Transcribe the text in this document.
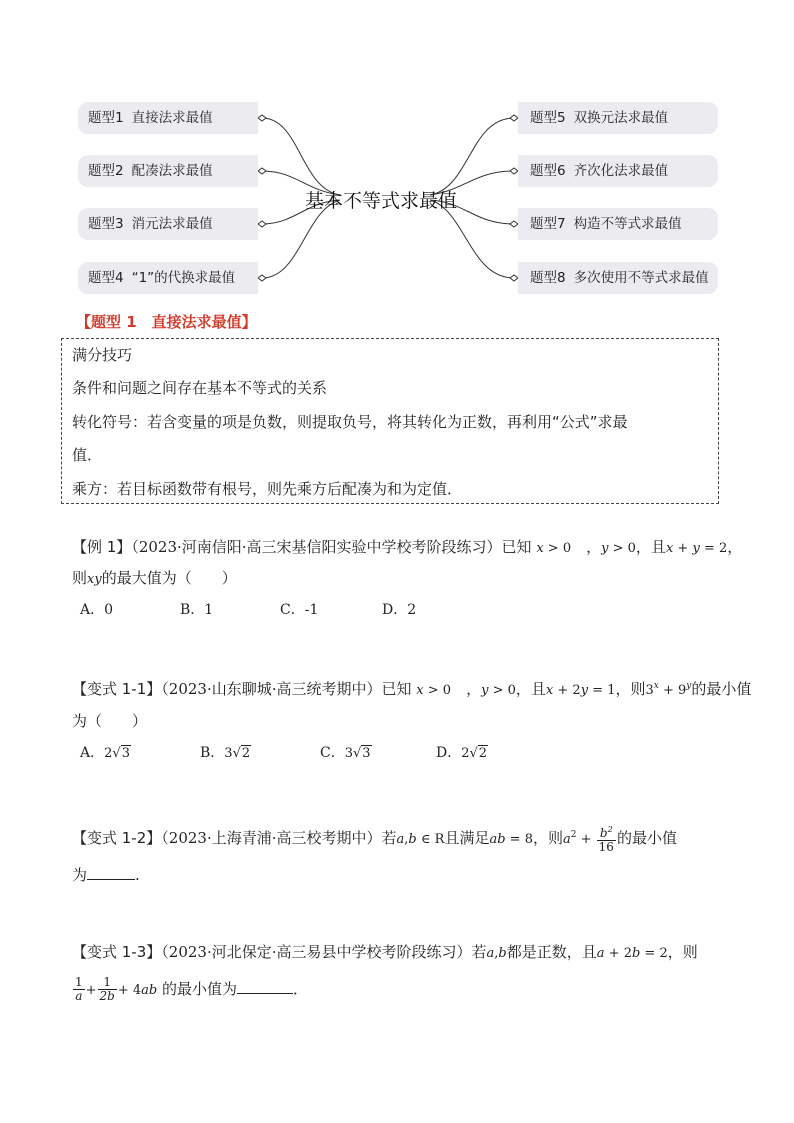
题型1 直接法求最值
题型2 配凑法求最值
题型3 消元法求最值
题型4 “1”的代换求最值
题型5 双换元法求最值
题型6 齐次化法求最值
题型7 构造不等式求最值
题型8 多次使用不等式求最值
基本不等式求最值
【题型 1　直接法求最值】
满分技巧
条件和问题之间存在基本不等式的关系
转化符号：若含变量的项是负数，则提取负号，将其转化为正数，再利用“公式”求最
值．
乘方：若目标函数带有根号，则先乘方后配凑为和为定值．
【例 1】（2023·河南信阳·高三宋基信阳实验中学校考阶段练习）已知 x > 0　，y > 0，且x + y = 2，
则xy的最大值为（　　）
A．0	B．1	C．-1	D．2
【变式 1-1】（2023·山东聊城·高三统考期中）已知 x > 0　，y > 0，且x + 2y = 1，则$3^x + 9^y$的最小值
为（　　）
A．2√3	B．3√2	C．3√3	D．2√2
【变式 1-2】（2023·上海青浦·高三校考期中）若a,b ∈ R且满足ab = 8，则$a^2 + \frac{b^2}{16}$ 的最小值
为	.
【变式 1-3】（2023·河北保定·高三易县中学校考阶段练习）若a,b都是正数，且a + 2b = 2，则
$\frac{1}{a} + \frac{1}{2b} + 4ab$ 的最小值为	．
